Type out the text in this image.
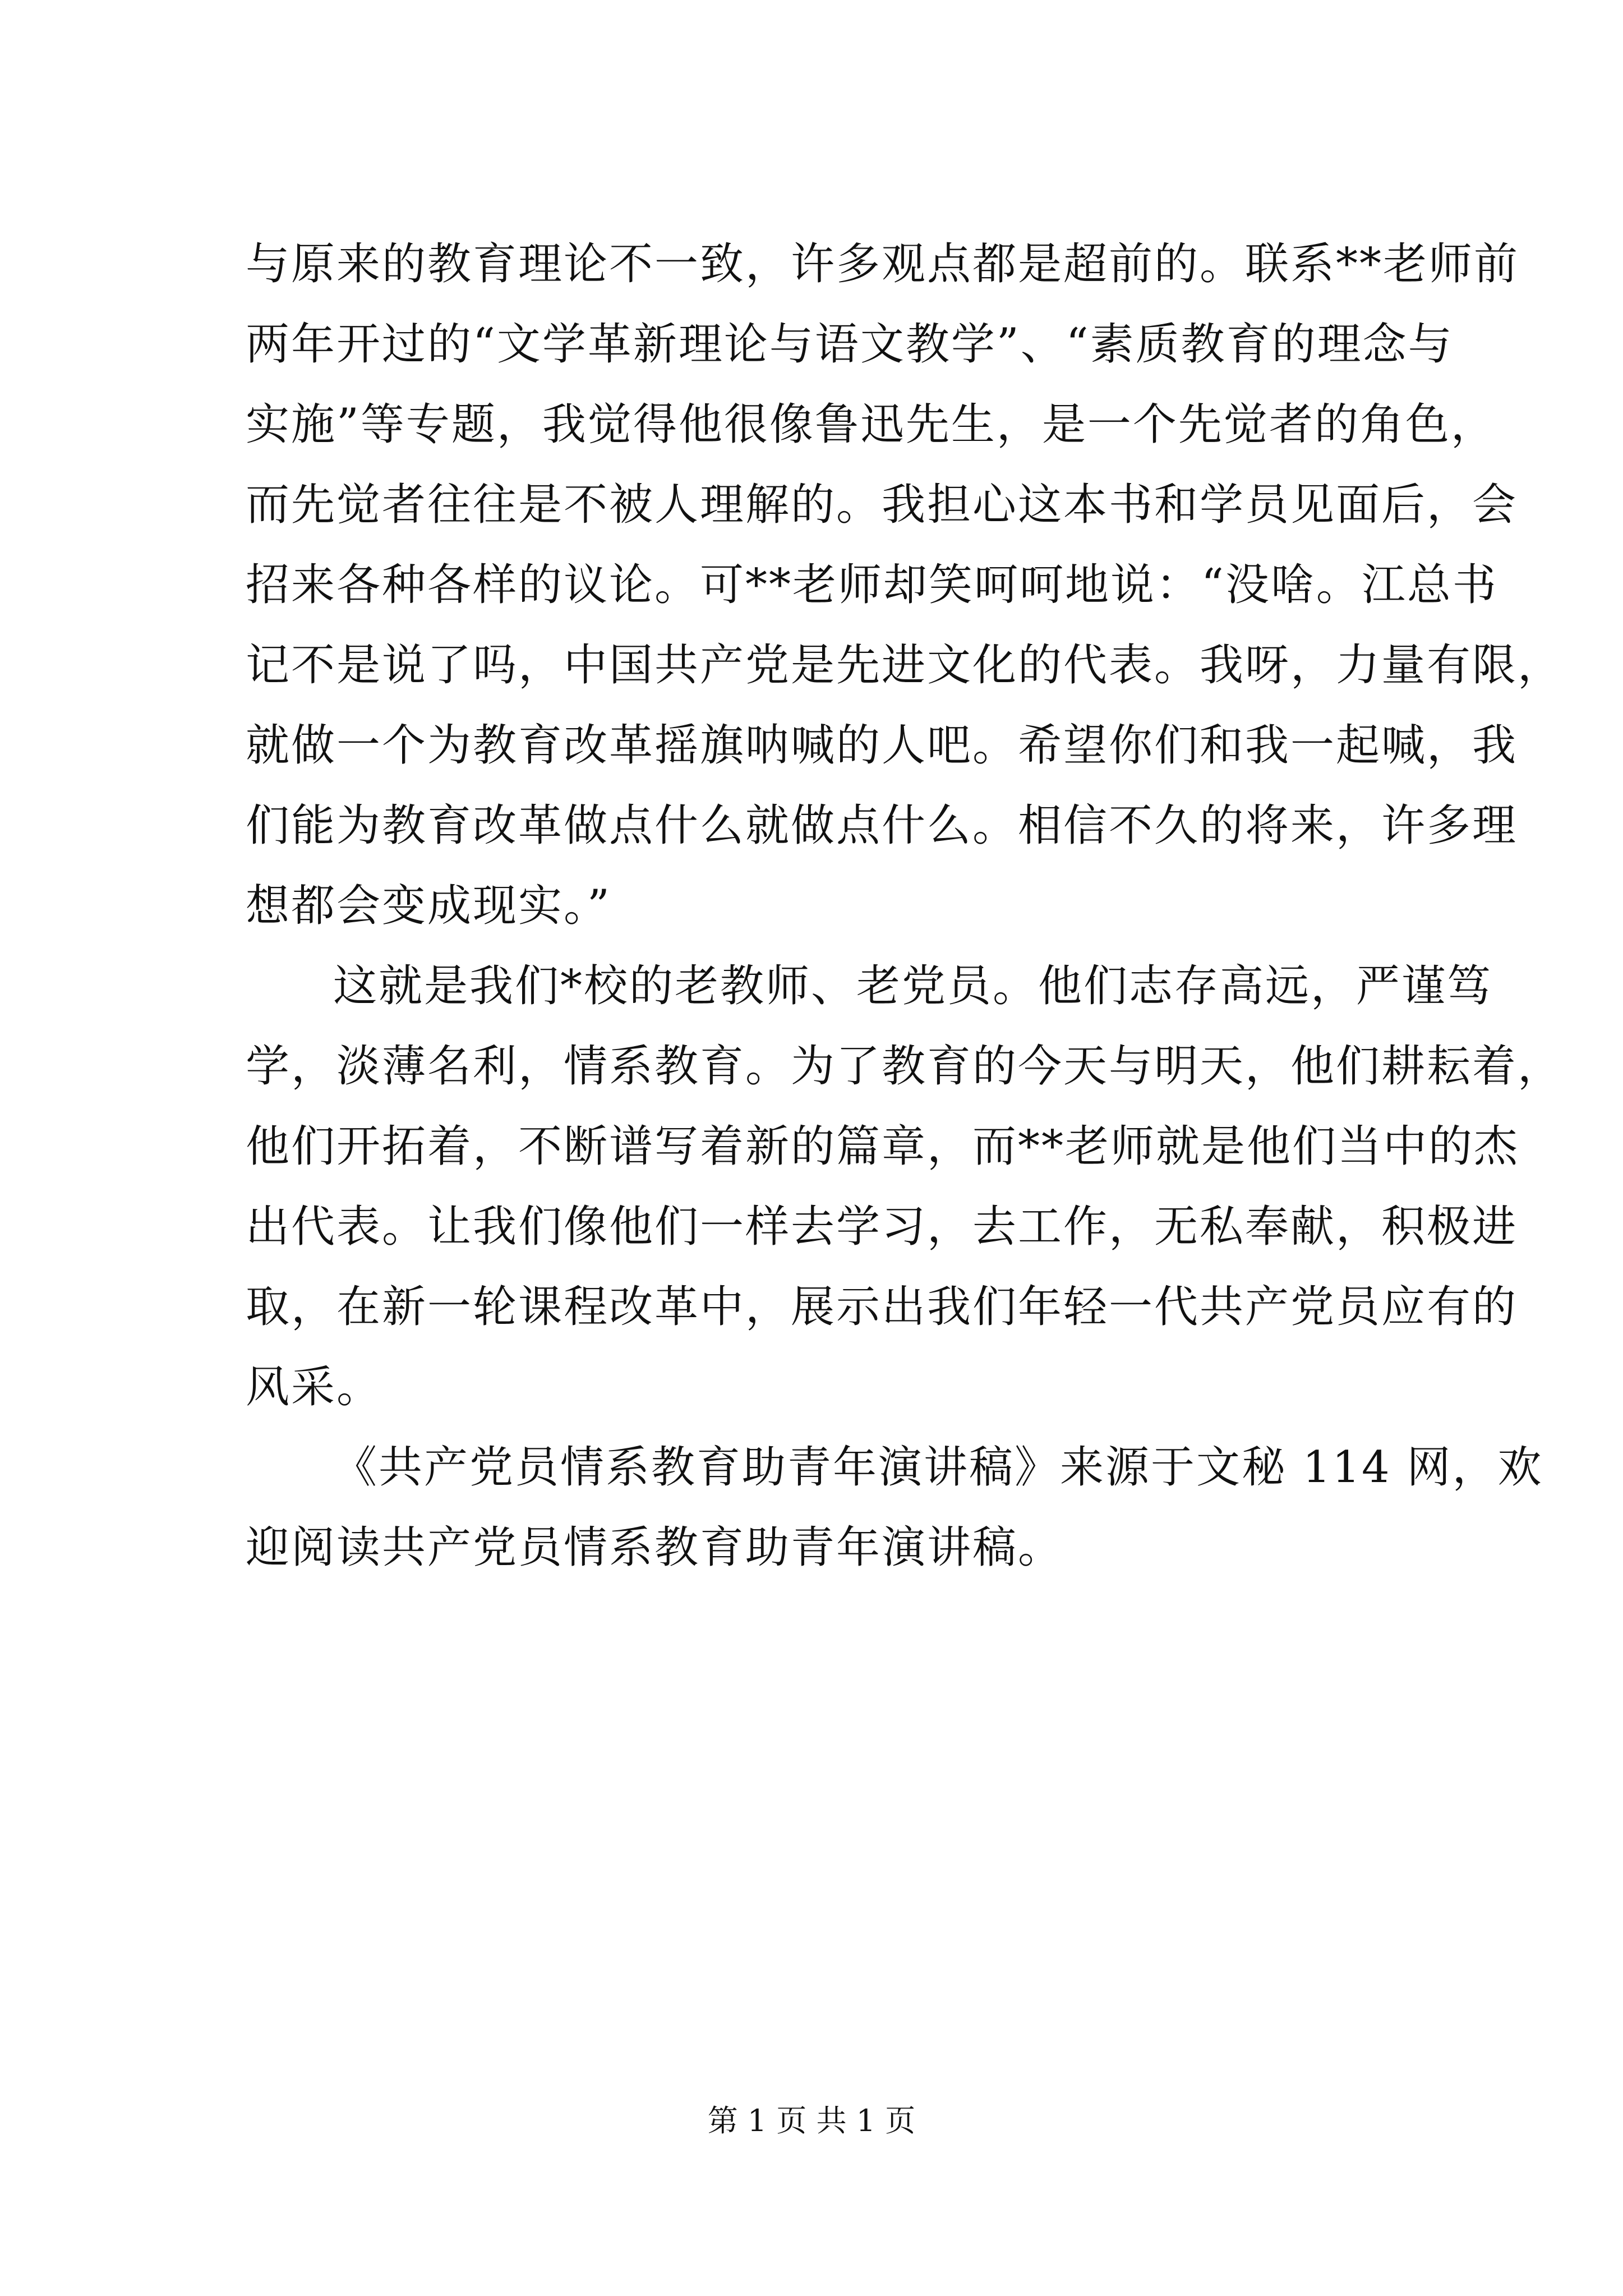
与原来的教育理论不一致，许多观点都是超前的。联系**老师前
两年开过的“文学革新理论与语文教学”、“素质教育的理念与
实施”等专题，我觉得他很像鲁迅先生，是一个先觉者的角色，
而先觉者往往是不被人理解的。我担心这本书和学员见面后，会
招来各种各样的议论。可**老师却笑呵呵地说：“没啥。江总书
记不是说了吗，中国共产党是先进文化的代表。我呀，力量有限，
就做一个为教育改革摇旗呐喊的人吧。希望你们和我一起喊，我
们能为教育改革做点什么就做点什么。相信不久的将来，许多理
想都会变成现实。”
这就是我们*校的老教师、老党员。他们志存高远，严谨笃
学，淡薄名利，情系教育。为了教育的今天与明天，他们耕耘着，
他们开拓着，不断谱写着新的篇章，而**老师就是他们当中的杰
出代表。让我们像他们一样去学习，去工作，无私奉献，积极进
取，在新一轮课程改革中，展示出我们年轻一代共产党员应有的
风采。
《共产党员情系教育助青年演讲稿》来源于文秘 114 网，欢
迎阅读共产党员情系教育助青年演讲稿。
第 1 页 共 1 页
